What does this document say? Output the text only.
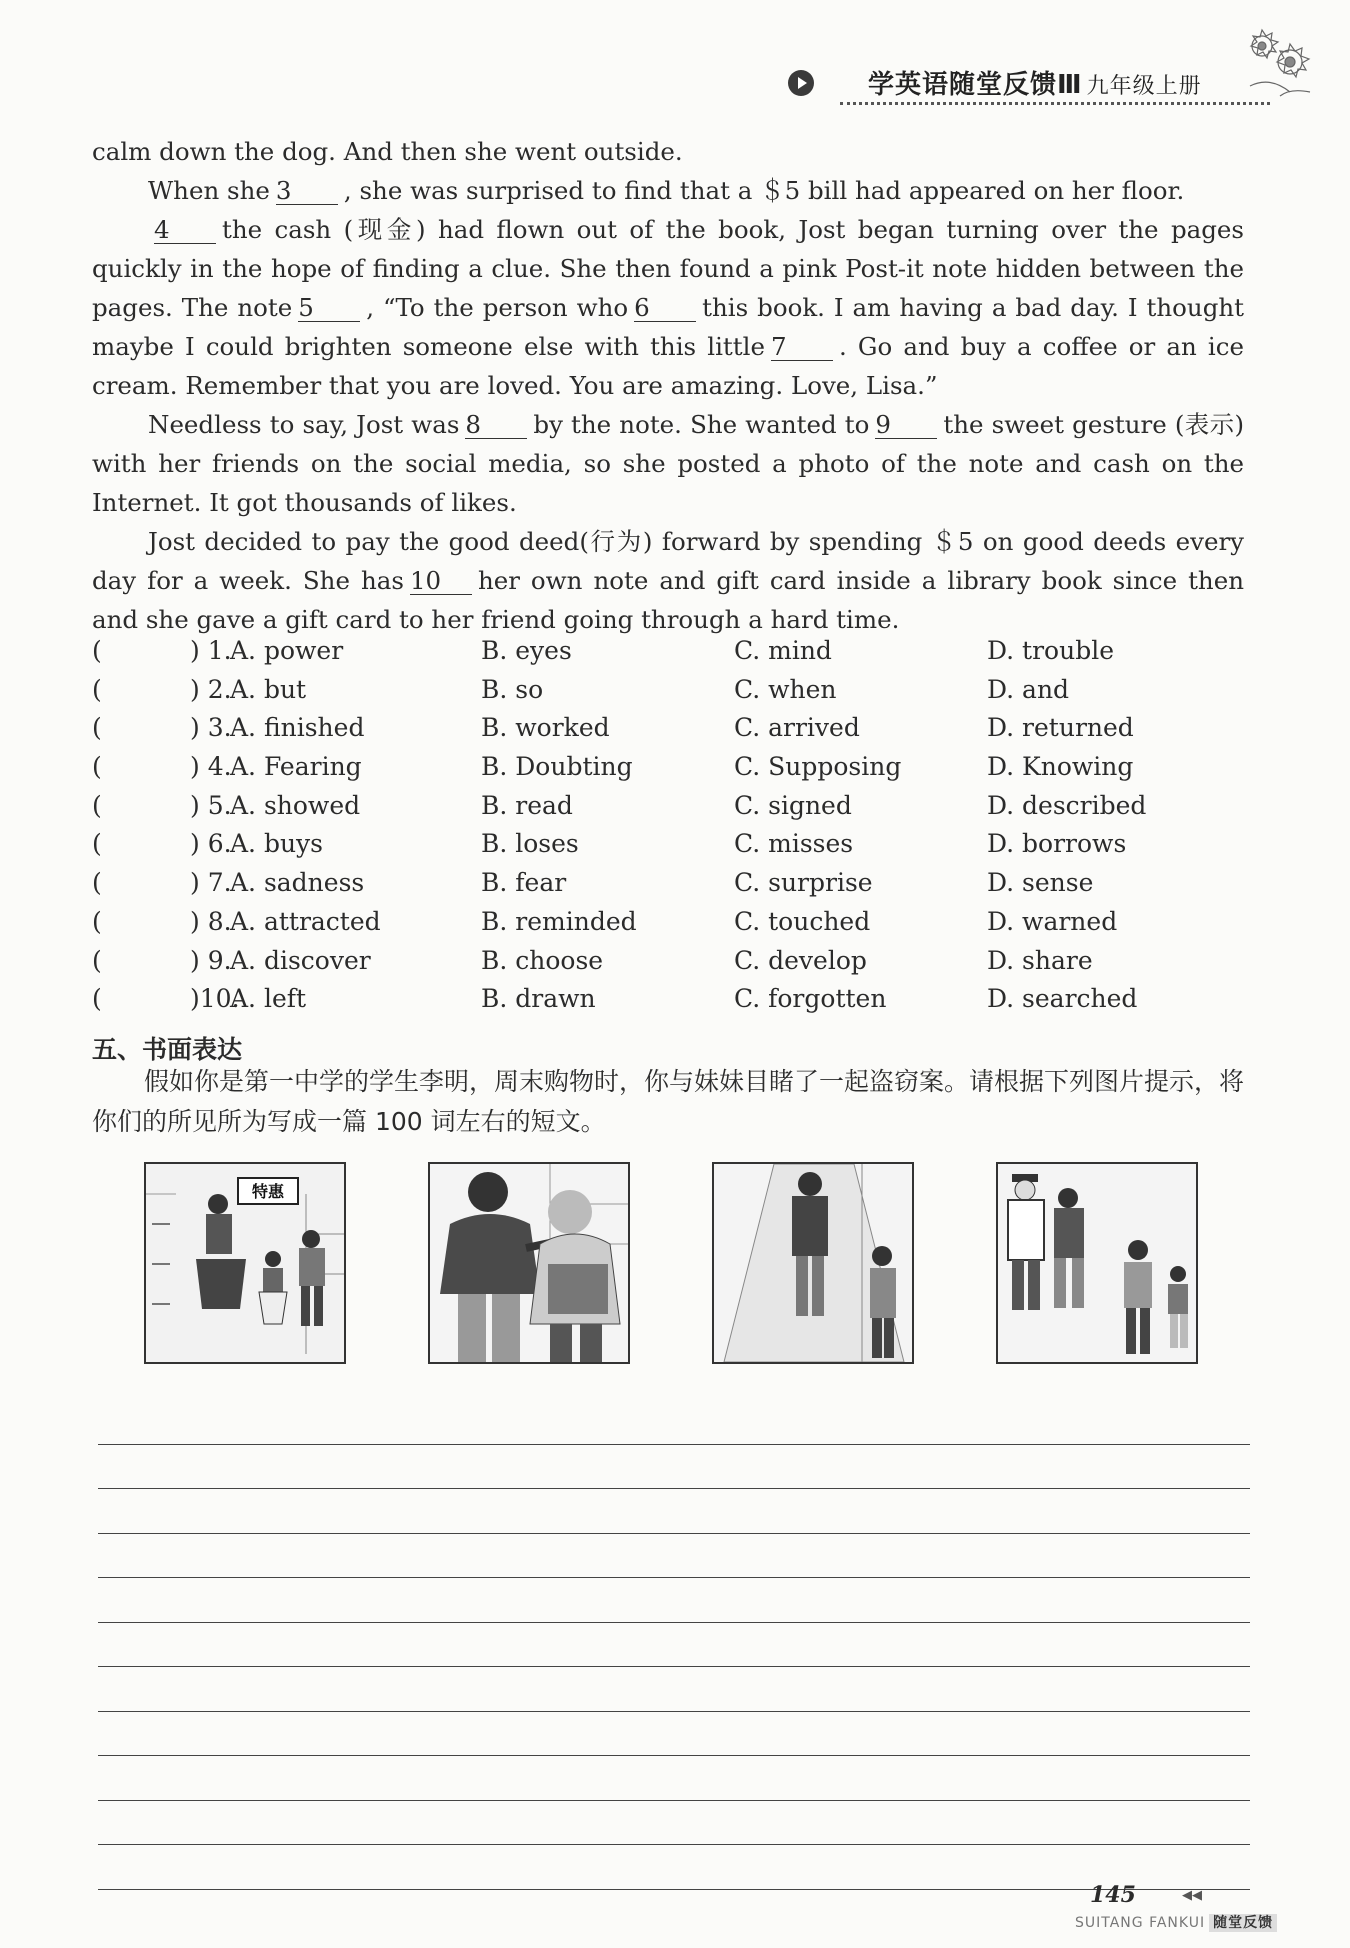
学英语随堂反馈Ⅲ 九年级上册

calm down the dog. And then she went outside.

When she 3 , she was surprised to find that a ＄5 bill had appeared on her floor.

4 the cash (现金) had flown out of the book, Jost began turning over the pages quickly in the hope of finding a clue. She then found a pink Post-it note hidden between the pages. The note 5 , “To the person who 6 this book. I am having a bad day. I thought maybe I could brighten someone else with this little 7 . Go and buy a coffee or an ice cream. Remember that you are loved. You are amazing. Love, Lisa.”

Needless to say, Jost was 8 by the note. She wanted to 9 the sweet gesture (表示) with her friends on the social media, so she posted a photo of the note and cash on the Internet. It got thousands of likes.

Jost decided to pay the good deed(行为) forward by spending ＄5 on good deeds every day for a week. She has 10 her own note and gift card inside a library book since then and she gave a gift card to her friend going through a hard time.

(	) 1.
A. power	B. eyes	C. mind	D. trouble
(	) 2.
A. but	B. so	C. when	D. and
(	) 3.
A. finished	B. worked	C. arrived	D. returned
(	) 4.
A. Fearing	B. Doubting	C. Supposing	D. Knowing
(	) 5.
A. showed	B. read	C. signed	D. described
(	) 6.
A. buys	B. loses	C. misses	D. borrows
(	) 7.
A. sadness	B. fear	C. surprise	D. sense
(	) 8.
A. attracted	B. reminded	C. touched	D. warned
(	) 9.
A. discover	B. choose	C. develop	D. share
(	)10.
A. left	B. drawn	C. forgotten	D. searched
五、书面表达

假如你是第一中学的学生李明，周末购物时，你与妹妹目睹了一起盗窃案。请根据下列图片提示，将你们的所见所为写成一篇 100 词左右的短文。

特惠
145	◀◀
SUITANG FANKUI 随堂反馈
